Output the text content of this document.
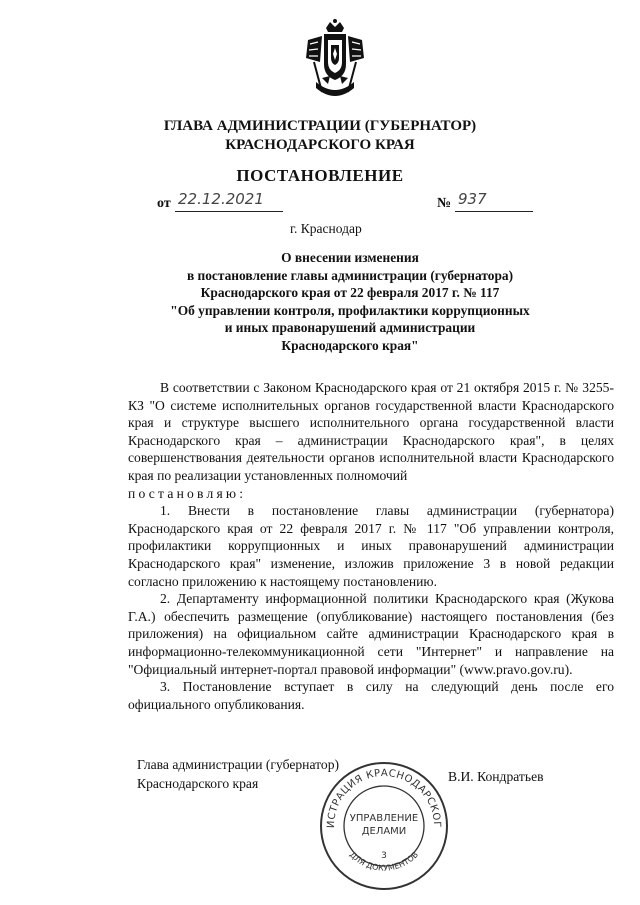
ГЛАВА АДМИНИСТРАЦИИ (ГУБЕРНАТОР)
КРАСНОДАРСКОГО КРАЯ
ПОСТАНОВЛЕНИЕ
от 22.12.2021	№ 937
г. Краснодар
О внесении изменения
в постановление главы администрации (губернатора)
Краснодарского края от 22 февраля 2017 г. № 117
"Об управлении контроля, профилактики коррупционных
и иных правонарушений администрации
Краснодарского края"

В соответствии с Законом Краснодарского края от 21 октября 2015 г. № 3255-КЗ "О системе исполнительных органов государственной власти Краснодарского края и структуре высшего исполнительного органа государственной власти Краснодарского края – администрации Краснодарского края", в целях совершенствования деятельности органов исполнительной власти Краснодарского края по реализации установленных полномочий

постановляю:

1. Внести в постановление главы администрации (губернатора) Краснодарского края от 22 февраля 2017 г. № 117 "Об управлении контроля, профилактики коррупционных и иных правонарушений администрации Краснодарского края" изменение, изложив приложение 3 в новой редакции согласно приложению к настоящему постановлению.

2. Департаменту информационной политики Краснодарского края (Жукова Г.А.) обеспечить размещение (опубликование) настоящего постановления (без приложения) на официальном сайте администрации Краснодарского края в информационно-телекоммуникационной сети "Интернет" и направление на "Официальный интернет-портал правовой информации" (www.pravo.gov.ru).

3. Постановление вступает в силу на следующий день после его официального опубликования.

Глава администрации (губернатор)
Краснодарского края	В.И. Кондратьев
ИСТРАЦИЯ КРАСНОДАРСКОГ
ДЛЯ ДОКУМЕНТОВ
УПРАВЛЕНИЕ
ДЕЛАМИ
3
